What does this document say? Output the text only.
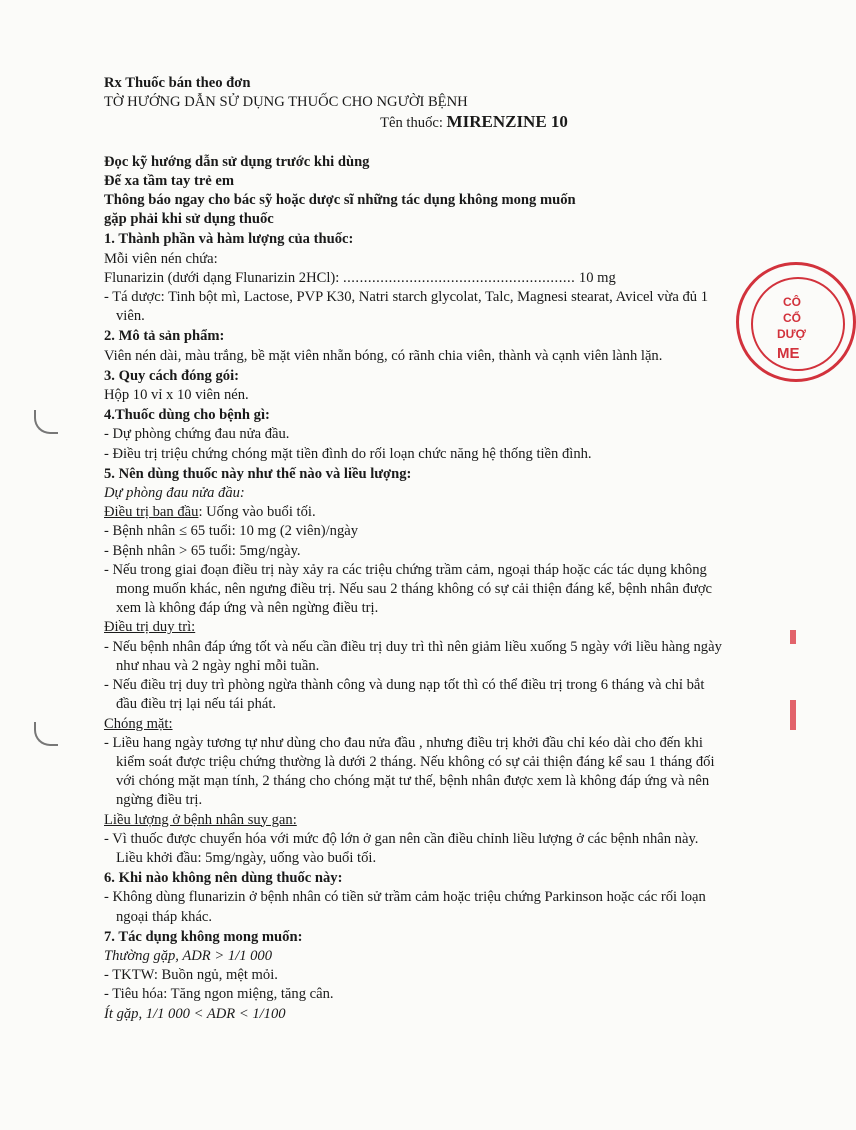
Rx Thuốc bán theo đơn
TỜ HƯỚNG DẪN SỬ DỤNG THUỐC CHO NGƯỜI BỆNH
Tên thuốc: MIRENZINE 10
Đọc kỹ hướng dẫn sử dụng trước khi dùng
Để xa tầm tay trẻ em
Thông báo ngay cho bác sỹ hoặc dược sĩ những tác dụng không mong muốn
gặp phải khi sử dụng thuốc
1. Thành phần và hàm lượng của thuốc:
Mỗi viên nén chứa:
Flunarizin (dưới dạng Flunarizin 2HCl): ........................................................ 10 mg
- Tá dược: Tinh bột mì, Lactose, PVP K30, Natri starch glycolat, Talc, Magnesi stearat, Avicel vừa đủ 1 viên.
2. Mô tả sản phẩm:
Viên nén dài, màu trắng, bề mặt viên nhẵn bóng, có rãnh chia viên, thành và cạnh viên lành lặn.
3. Quy cách đóng gói:
Hộp 10 vỉ x 10 viên nén.
4.Thuốc dùng cho bệnh gì:
- Dự phòng chứng đau nửa đầu.
- Điều trị triệu chứng chóng mặt tiền đình do rối loạn chức năng hệ thống tiền đình.
5. Nên dùng thuốc này như thế nào và liều lượng:
Dự phòng đau nửa đầu:
Điều trị ban đầu: Uống vào buổi tối.
- Bệnh nhân ≤ 65 tuổi: 10 mg (2 viên)/ngày
- Bệnh nhân > 65 tuổi: 5mg/ngày.
- Nếu trong giai đoạn điều trị này xảy ra các triệu chứng trầm cảm, ngoại tháp hoặc các tác dụng không mong muốn khác, nên ngưng điều trị. Nếu sau 2 tháng không có sự cải thiện đáng kể, bệnh nhân được xem là không đáp ứng và nên ngừng điều trị.
Điều trị duy trì:
- Nếu bệnh nhân đáp ứng tốt và nếu cần điều trị duy trì thì nên giảm liều xuống 5 ngày với liều hàng ngày như nhau và 2 ngày nghỉ mỗi tuần.
- Nếu điều trị duy trì phòng ngừa thành công và dung nạp tốt thì có thể điều trị trong 6 tháng và chỉ bắt đầu điều trị lại nếu tái phát.
Chóng mặt:
- Liều hang ngày tương tự như dùng cho đau nửa đầu , nhưng điều trị khởi đầu chỉ kéo dài cho đến khi kiểm soát được triệu chứng thường là dưới 2 tháng. Nếu không có sự cải thiện đáng kể sau 1 tháng đối với chóng mặt mạn tính, 2 tháng cho chóng mặt tư thế, bệnh nhân được xem là không đáp ứng và nên ngừng điều trị.
Liều lượng ở bệnh nhân suy gan:
- Vì thuốc được chuyển hóa với mức độ lớn ở gan nên cần điều chỉnh liều lượng ở các bệnh nhân này. Liều khởi đầu: 5mg/ngày, uống vào buổi tối.
6. Khi nào không nên dùng thuốc này:
- Không dùng flunarizin ở bệnh nhân có tiền sử trầm cảm hoặc triệu chứng Parkinson hoặc các rối loạn ngoại tháp khác.
7. Tác dụng không mong muốn:
Thường gặp, ADR > 1/1 000
- TKTW: Buồn ngủ, mệt mỏi.
- Tiêu hóa: Tăng ngon miệng, tăng cân.
Ít gặp, 1/1 000 < ADR < 1/100
CÔ
CỔ
DƯỢ
ME
